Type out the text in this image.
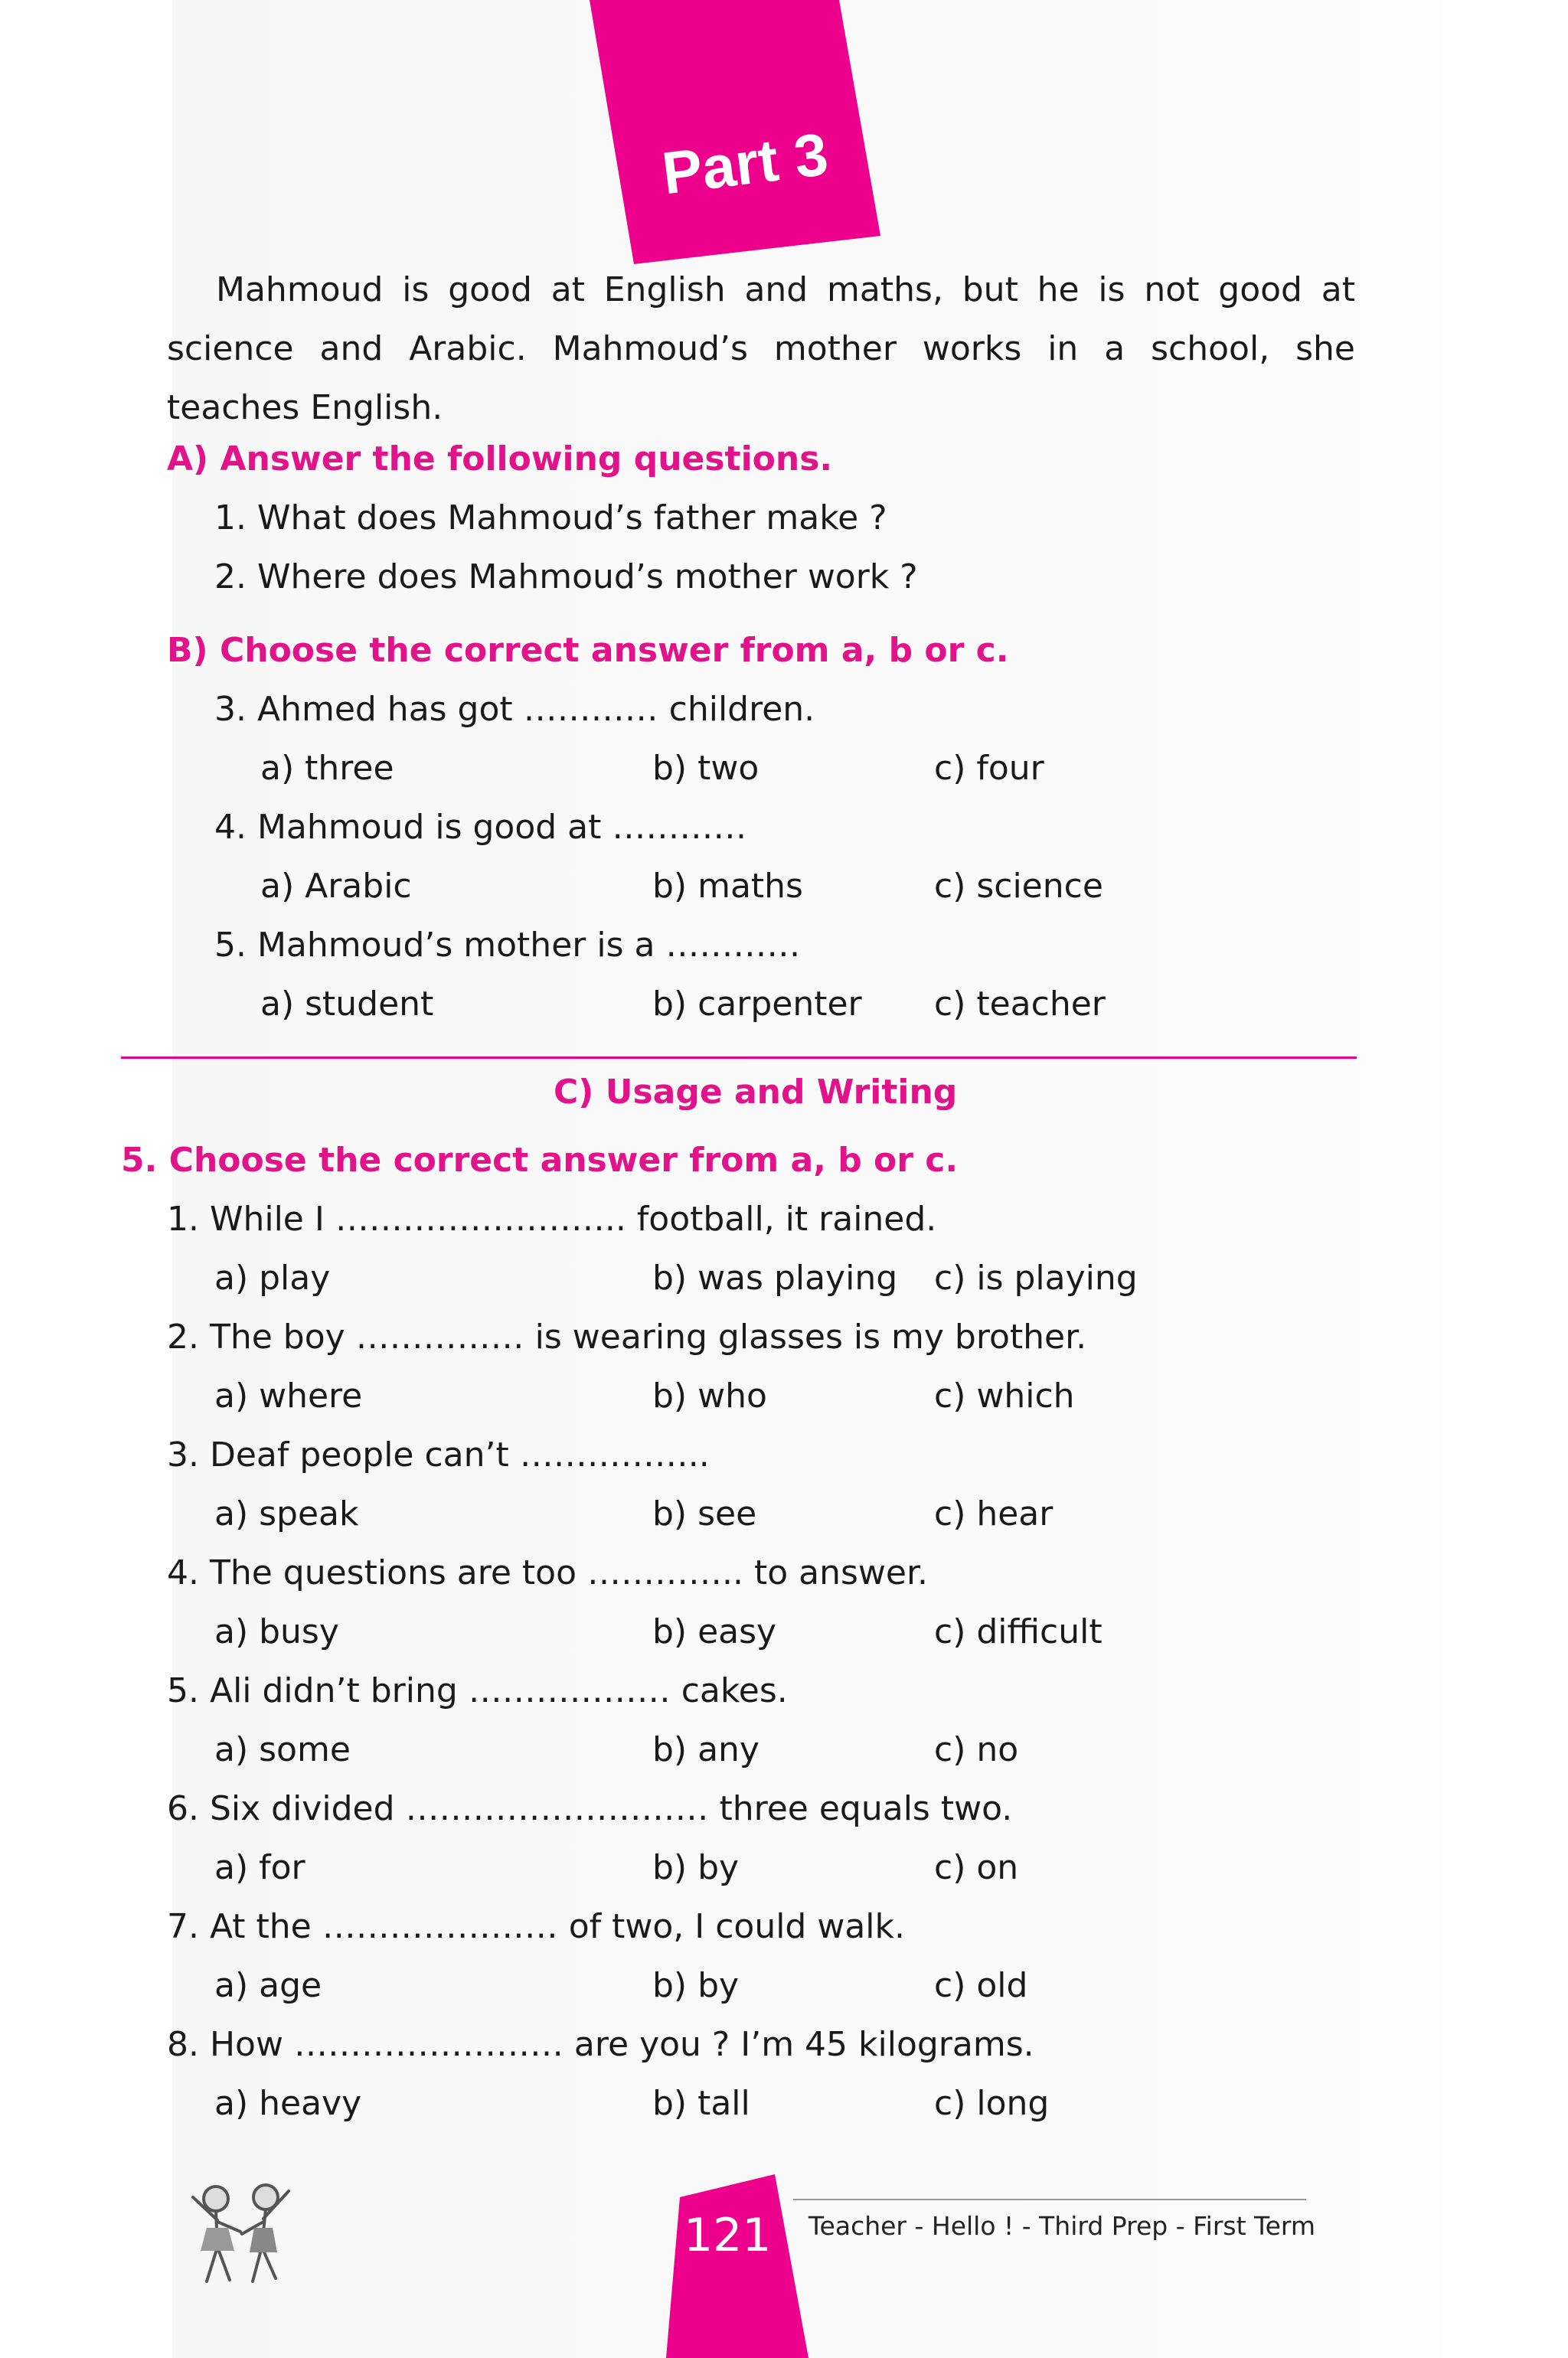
Part 3

Mahmoud is good at English and maths, but he is not good at science and Arabic. Mahmoud’s mother works in a school, she teaches English.

A) Answer the following questions.
1. What does Mahmoud’s father make ?
2. Where does Mahmoud’s mother work ?
B) Choose the correct answer from a, b or c.
3. Ahmed has got ………… children.
a) three	b) two	c) four
4. Mahmoud is good at …………
a) Arabic	b) maths	c) science
5. Mahmoud’s mother is a …………
a) student	b) carpenter c) teacher
C) Usage and Writing
5. Choose the correct answer from a, b or c.
1. While I …………………….. football, it rained.
a) play	b) was playing c) is playing
2. The boy …………… is wearing glasses is my brother.
a) where	b) who	c) which
3. Deaf people can’t ……………..
a) speak	b) see	c) hear
4. The questions are too ………….. to answer.
a) busy	b) easy	c) difficult
5. Ali didn’t bring ……………… cakes.
a) some	b) any	c) no
6. Six divided ……………………… three equals two.
a) for	b) by	c) on
7. At the ………………… of two, I could walk.
a) age	b) by	c) old
8. How …………………… are you ? I’m 45 kilograms.
a) heavy	b) tall	c) long
121 Teacher - Hello ! - Third Prep - First Term
